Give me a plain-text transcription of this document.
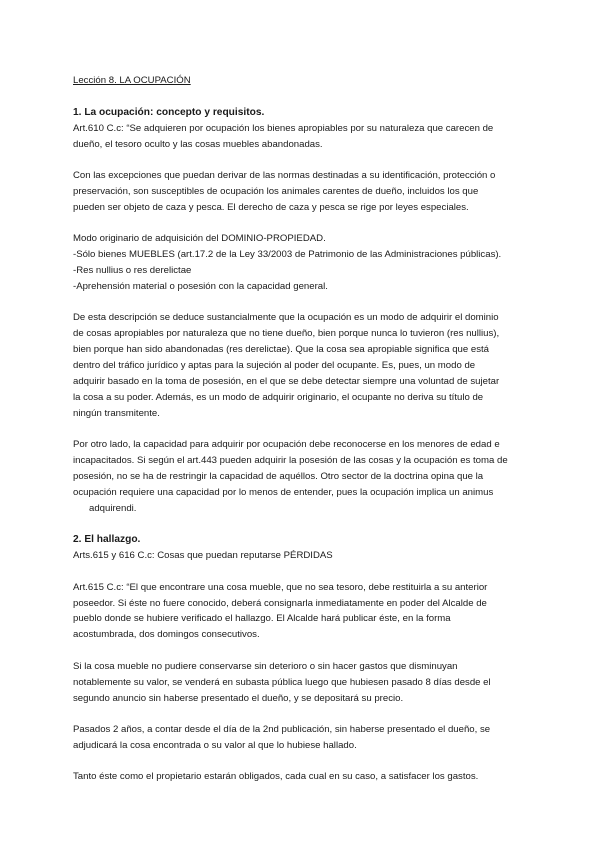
Lección 8. LA OCUPACIÓN

1. La ocupación: concepto y requisitos.

Art.610 C.c: “Se adquieren por ocupación los bienes apropiables por su naturaleza que carecen de
dueño, el tesoro oculto y las cosas muebles abandonadas.

Con las excepciones que puedan derivar de las normas destinadas a su identificación, protección o
preservación, son susceptibles de ocupación los animales carentes de dueño, incluidos los que
pueden ser objeto de caza y pesca. El derecho de caza y pesca se rige por leyes especiales.

Modo originario de adquisición del DOMINIO-PROPIEDAD.
-Sólo bienes MUEBLES (art.17.2 de la Ley 33/2003 de Patrimonio de las Administraciones públicas).
-Res nullius o res derelictae
-Aprehensión material o posesión con la capacidad general.

De esta descripción se deduce sustancialmente que la ocupación es un modo de adquirir el dominio
de cosas apropiables por naturaleza que no tiene dueño, bien porque nunca lo tuvieron (res nullius),
bien porque han sido abandonadas (res derelictae). Que la cosa sea apropiable significa que está
dentro del tráfico jurídico y aptas para la sujeción al poder del ocupante. Es, pues, un modo de
adquirir basado en la toma de posesión, en el que se debe detectar siempre una voluntad de sujetar
la cosa a su poder. Además, es un modo de adquirir originario, el ocupante no deriva su título de
ningún transmitente.

Por otro lado, la capacidad para adquirir por ocupación debe reconocerse en los menores de edad e
incapacitados. Si según el art.443 pueden adquirir la posesión de las cosas y la ocupación es toma de
posesión, no se ha de restringir la capacidad de aquéllos. Otro sector de la doctrina opina que la
ocupación requiere una capacidad por lo menos de entender, pues la ocupación implica un animus
adquirendi.

2. El hallazgo.

Arts.615 y 616 C.c: Cosas que puedan reputarse PÉRDIDAS

Art.615 C.c: “El que encontrare una cosa mueble, que no sea tesoro, debe restituirla a su anterior
poseedor. Si éste no fuere conocido, deberá consignarla inmediatamente en poder del Alcalde de
pueblo donde se hubiere verificado el hallazgo. El Alcalde hará publicar éste, en la forma
acostumbrada, dos domingos consecutivos.

Si la cosa mueble no pudiere conservarse sin deterioro o sin hacer gastos que disminuyan
notablemente su valor, se venderá en subasta pública luego que hubiesen pasado 8 días desde el
segundo anuncio sin haberse presentado el dueño, y se depositará su precio.

Pasados 2 años, a contar desde el día de la 2nd publicación, sin haberse presentado el dueño, se
adjudicará la cosa encontrada o su valor al que lo hubiese hallado.

Tanto éste como el propietario estarán obligados, cada cual en su caso, a satisfacer los gastos.
